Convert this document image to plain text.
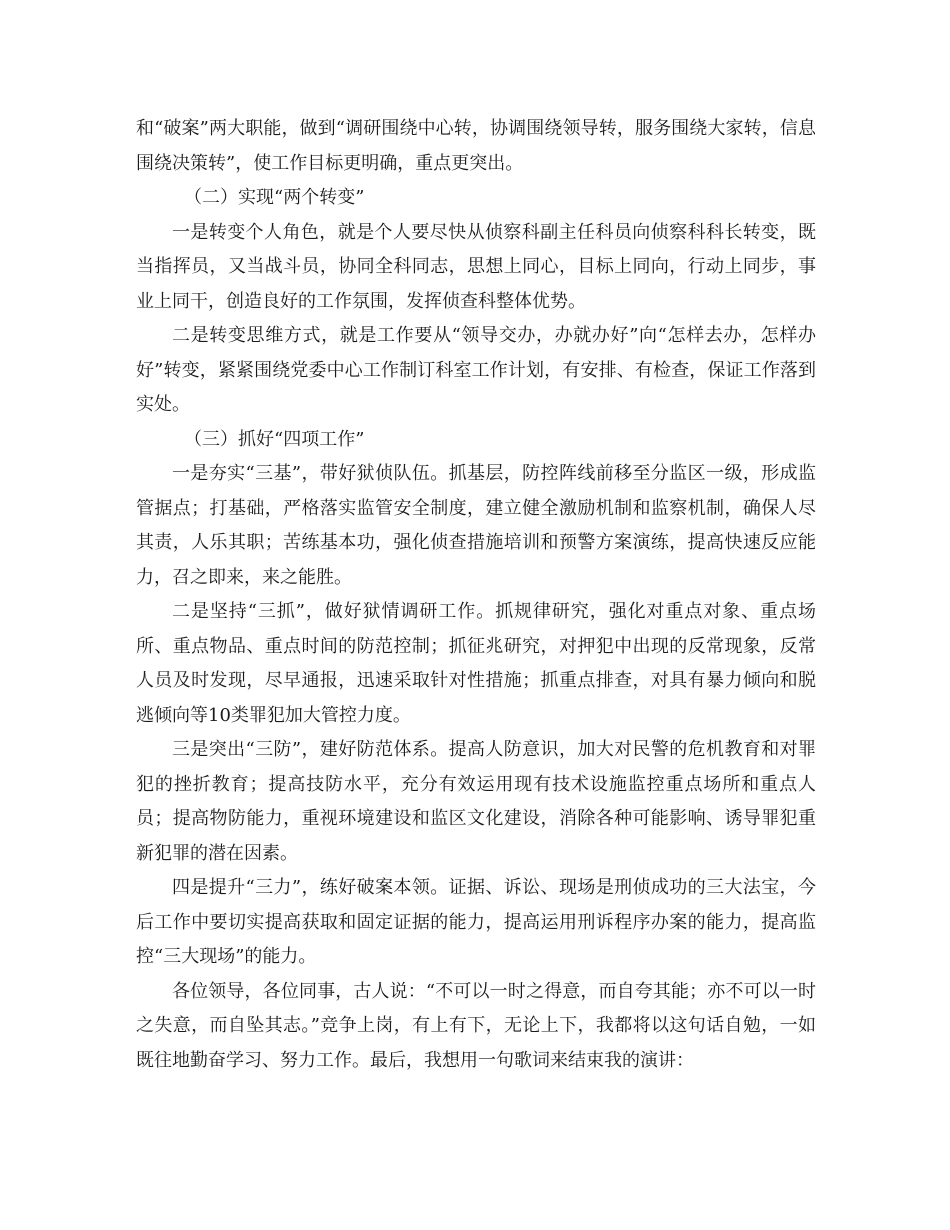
和“破案”两大职能，做到“调研围绕中心转，协调围绕领导转，服务围绕大家转，信息围绕决策转”，使工作目标更明确，重点更突出。

（二）实现“两个转变”

一是转变个人角色，就是个人要尽快从侦察科副主任科员向侦察科科长转变，既当指挥员，又当战斗员，协同全科同志，思想上同心，目标上同向，行动上同步，事业上同干，创造良好的工作氛围，发挥侦查科整体优势。

二是转变思维方式，就是工作要从“领导交办，办就办好”向“怎样去办，怎样办好”转变，紧紧围绕党委中心工作制订科室工作计划，有安排、有检查，保证工作落到实处。

（三）抓好“四项工作”

一是夯实“三基”，带好狱侦队伍。抓基层，防控阵线前移至分监区一级，形成监管据点；打基础，严格落实监管安全制度，建立健全激励机制和监察机制，确保人尽其责，人乐其职；苦练基本功，强化侦查措施培训和预警方案演练，提高快速反应能力，召之即来，来之能胜。

二是坚持“三抓”，做好狱情调研工作。抓规律研究，强化对重点对象、重点场所、重点物品、重点时间的防范控制；抓征兆研究，对押犯中出现的反常现象，反常人员及时发现，尽早通报，迅速采取针对性措施；抓重点排查，对具有暴力倾向和脱逃倾向等10类罪犯加大管控力度。

三是突出“三防”，建好防范体系。提高人防意识，加大对民警的危机教育和对罪犯的挫折教育；提高技防水平，充分有效运用现有技术设施监控重点场所和重点人员；提高物防能力，重视环境建设和监区文化建设，消除各种可能影响、诱导罪犯重新犯罪的潜在因素。

四是提升“三力”，练好破案本领。证据、诉讼、现场是刑侦成功的三大法宝，今后工作中要切实提高获取和固定证据的能力，提高运用刑诉程序办案的能力，提高监控“三大现场”的能力。

各位领导，各位同事，古人说：“不可以一时之得意，而自夸其能；亦不可以一时之失意，而自坠其志。”竞争上岗，有上有下，无论上下，我都将以这句话自勉，一如既往地勤奋学习、努力工作。最后，我想用一句歌词来结束我的演讲：
